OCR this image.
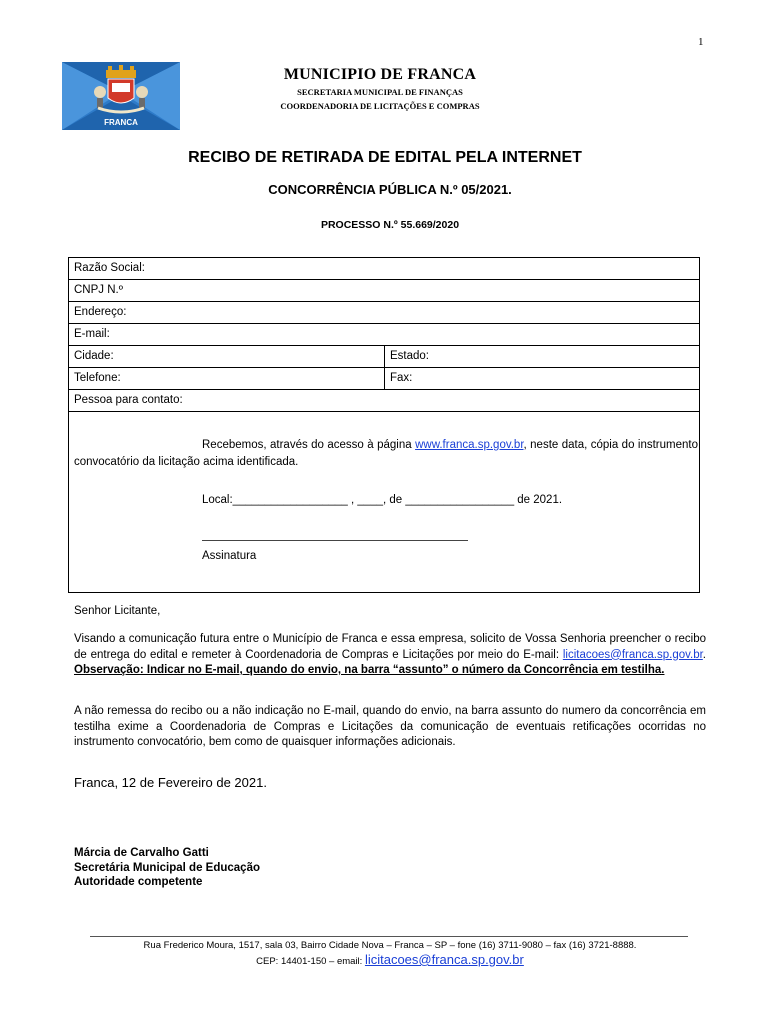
1
FRANCA
MUNICIPIO DE FRANCA
SECRETARIA MUNICIPAL DE FINANÇAS
COORDENADORIA DE LICITAÇÕES E COMPRAS
RECIBO DE RETIRADA DE EDITAL PELA INTERNET
CONCORRÊNCIA PÚBLICA N.º 05/2021.
PROCESSO N.º 55.669/2020
Razão Social:
CNPJ N.º
Endereço:
E-mail:
Cidade:	Estado:
Telefone:	Fax:
Pessoa para contato:
Recebemos, através do acesso à página www.franca.sp.gov.br, neste data, cópia do instrumento convocatório da licitação acima identificada.
Local:__________________ , ____, de _________________ de 2021.
Assinatura
Senhor Licitante,
Visando a comunicação futura entre o Município de Franca e essa empresa, solicito de Vossa Senhoria preencher o recibo de entrega do edital e remeter à Coordenadoria de Compras e Licitações por meio do E-mail: licitacoes@franca.sp.gov.br. Observação: Indicar no E-mail, quando do envio, na barra “assunto” o número da Concorrência em testilha.
A não remessa do recibo ou a não indicação no E-mail, quando do envio, na barra assunto do numero da concorrência em testilha exime a Coordenadoria de Compras e Licitações da comunicação de eventuais retificações ocorridas no instrumento convocatório, bem como de quaisquer informações adicionais.
Franca, 12 de Fevereiro de 2021.
Márcia de Carvalho Gatti
Secretária Municipal de Educação
Autoridade competente
Rua Frederico Moura, 1517, sala 03, Bairro Cidade Nova – Franca – SP – fone (16) 3711-9080 – fax (16) 3721-8888.
CEP: 14401-150 – email: licitacoes@franca.sp.gov.br
